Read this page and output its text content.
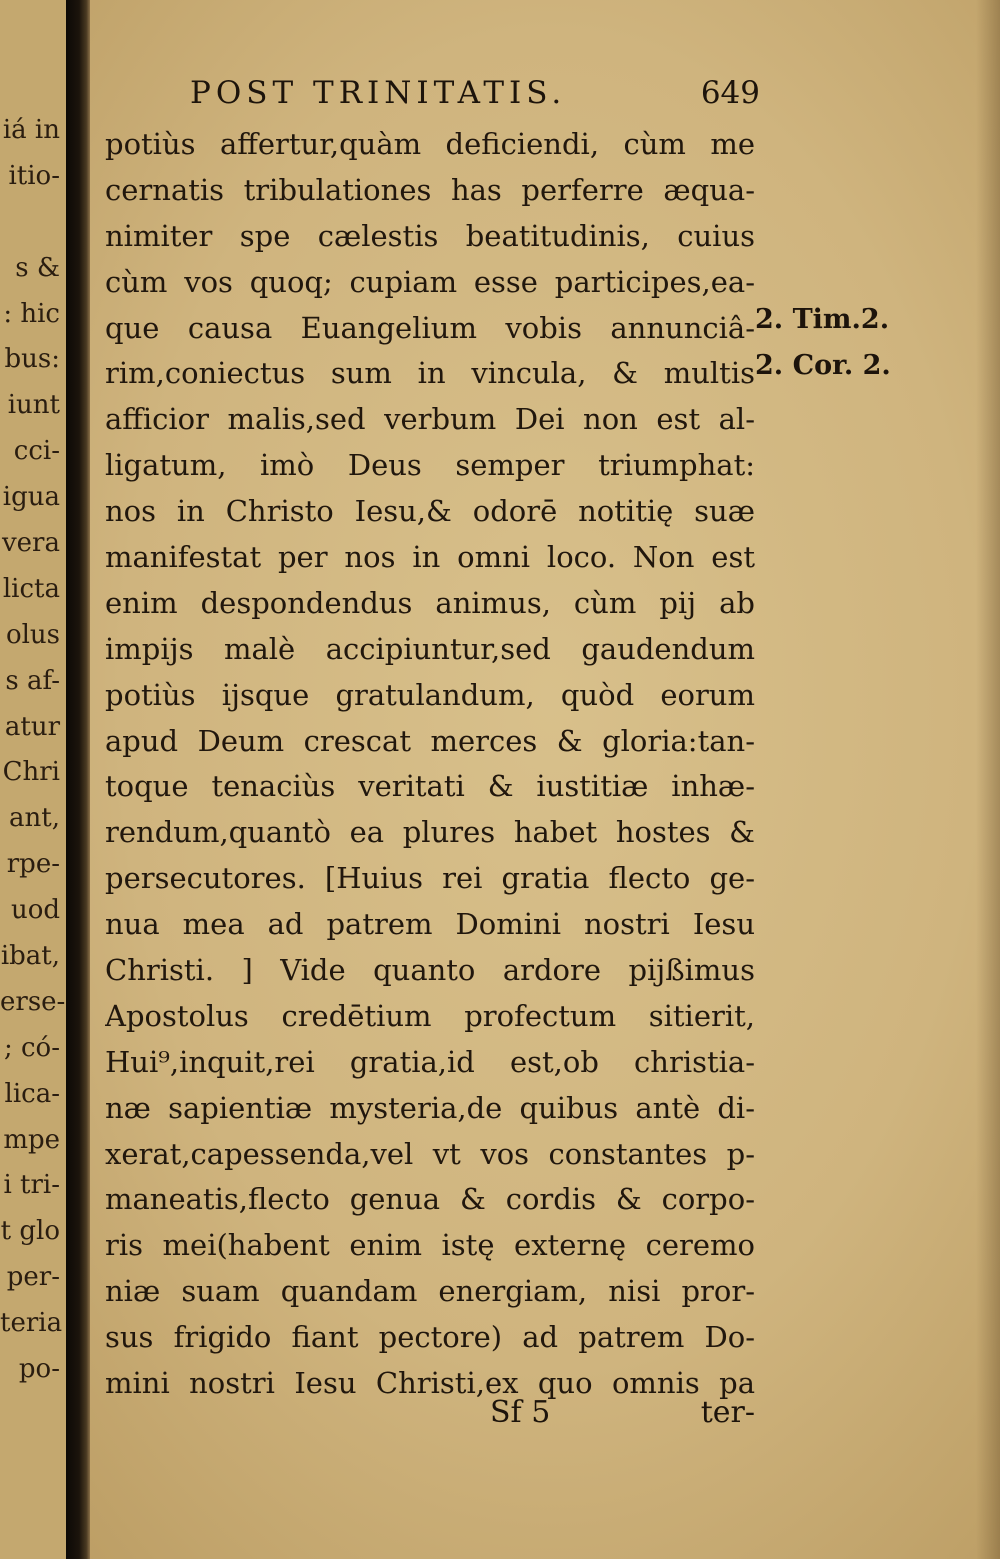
iá in
itio-
s &
: hic
bus:
iunt
cci-
igua
vera
licta
olus
s af-
atur
Chri
ant,
rpe-
uod
ibat,
erse-
; có-
lica-
mpe
i tri-
t glo
per-
teria
po-
POST TRINITATIS.	649
potiùs affertur,quàm deficiendi, cùm me
cernatis tribulationes has perferre æqua-
nimiter spe cælestis beatitudinis, cuius
cùm vos quoq; cupiam esse participes,ea-
que causa Euangelium vobis annunciâ-
rim,coniectus sum in vincula, & multis
afficior malis,sed verbum Dei non est al-
ligatum, imò Deus semper triumphat:
nos in Christo Iesu,& odorē notitię suæ
manifestat per nos in omni loco. Non est
enim despondendus animus, cùm pij ab
impijs malè accipiuntur,sed gaudendum
potiùs ijsque gratulandum, quòd eorum
apud Deum crescat merces & gloria:tan-
toque tenaciùs veritati & iustitiæ inhæ-
rendum,quantò ea plures habet hostes &
persecutores. [Huius rei gratia flecto ge-
nua mea ad patrem Domini nostri Iesu
Christi. ] Vide quanto ardore pijßimus
Apostolus credētium profectum sitierit,
Hui⁹,inquit,rei gratia,id est,ob christia-
næ sapientiæ mysteria,de quibus antè di-
xerat,capessenda,vel vt vos constantes p-
maneatis,flecto genua & cordis & corpo-
ris mei(habent enim istę externę ceremo
niæ suam quandam energiam, nisi pror-
sus frigido fiant pectore) ad patrem Do-
mini nostri Iesu Christi,ex quo omnis pa
2. Tim.2.
2. Cor. 2.
Sf 5	ter-
